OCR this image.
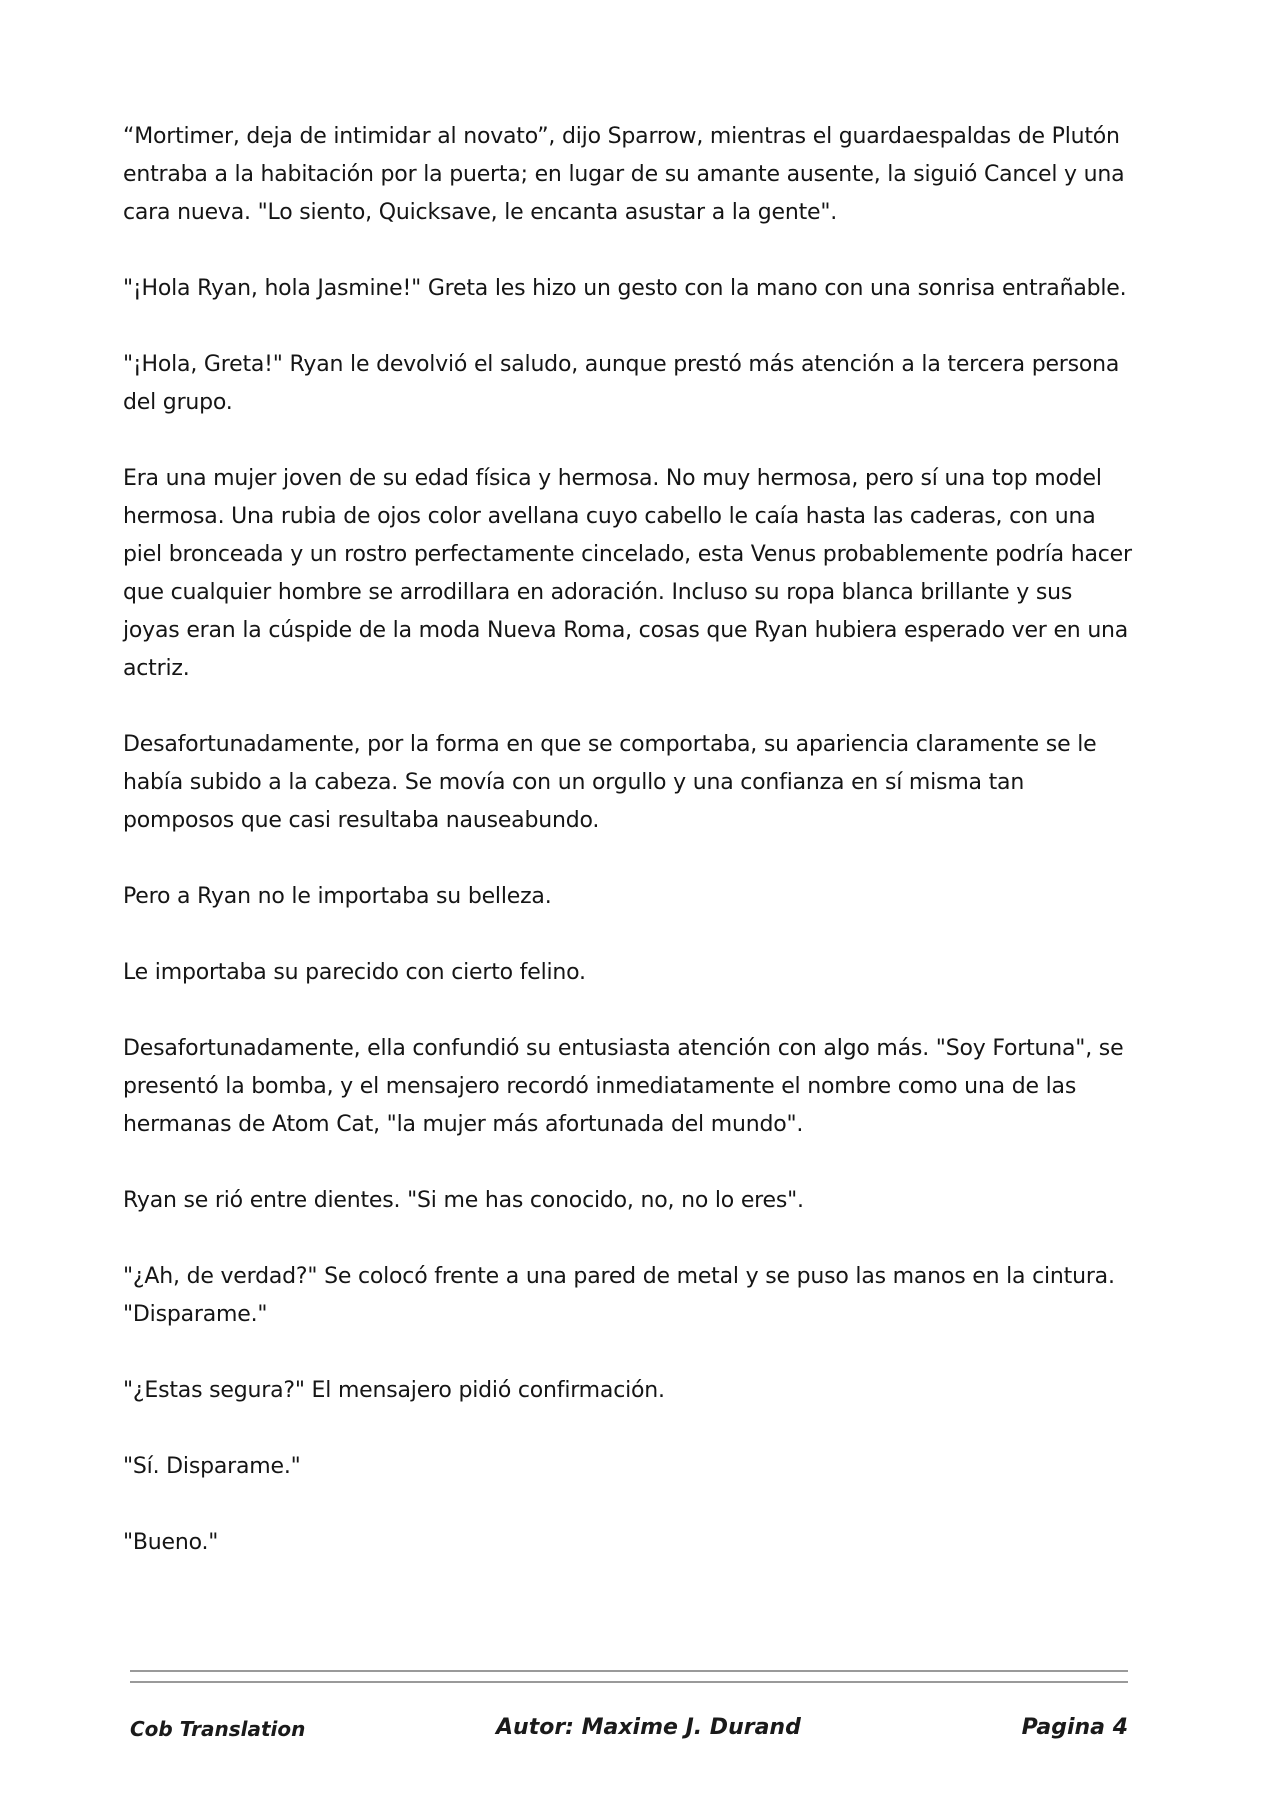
“Mortimer, deja de intimidar al novato”, dijo Sparrow, mientras el guardaespaldas de Plutón entraba a la habitación por la puerta; en lugar de su amante ausente, la siguió Cancel y una cara nueva. "Lo siento, Quicksave, le encanta asustar a la gente".

"¡Hola Ryan, hola Jasmine!" Greta les hizo un gesto con la mano con una sonrisa entrañable.

"¡Hola, Greta!" Ryan le devolvió el saludo, aunque prestó más atención a la tercera persona del grupo.

Era una mujer joven de su edad física y hermosa. No muy hermosa, pero sí una top model hermosa. Una rubia de ojos color avellana cuyo cabello le caía hasta las caderas, con una piel bronceada y un rostro perfectamente cincelado, esta Venus probablemente podría hacer que cualquier hombre se arrodillara en adoración. Incluso su ropa blanca brillante y sus joyas eran la cúspide de la moda Nueva Roma, cosas que Ryan hubiera esperado ver en una actriz.

Desafortunadamente, por la forma en que se comportaba, su apariencia claramente se le había subido a la cabeza. Se movía con un orgullo y una confianza en sí misma tan pomposos que casi resultaba nauseabundo.

Pero a Ryan no le importaba su belleza.

Le importaba su parecido con cierto felino.

Desafortunadamente, ella confundió su entusiasta atención con algo más. "Soy Fortuna", se presentó la bomba, y el mensajero recordó inmediatamente el nombre como una de las hermanas de Atom Cat, "la mujer más afortunada del mundo".

Ryan se rió entre dientes. "Si me has conocido, no, no lo eres".

"¿Ah, de verdad?" Se colocó frente a una pared de metal y se puso las manos en la cintura. "Disparame."

"¿Estas segura?" El mensajero pidió confirmación.

"Sí. Disparame."

"Bueno."

Cob Translation	Autor: Maxime J. Durand	Pagina 4
